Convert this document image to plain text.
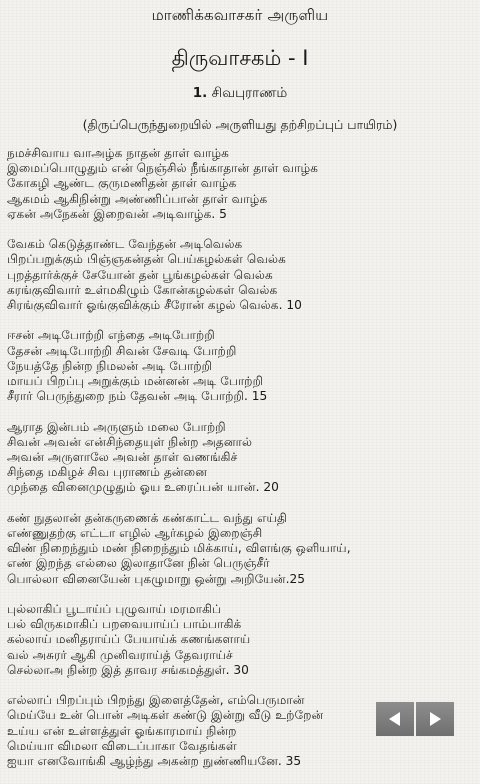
மாணிக்கவாசகர் அருளிய
திருவாசகம் - I
1. சிவபுராணம்
(திருப்பெருந்துறையில் அருளியது தற்சிறப்புப் பாயிரம்)
நமச்சிவாய வாஅழ்க நாதன் தாள் வாழ்க
இமைப்பொழுதும் என் நெஞ்சில் நீங்காதான் தாள் வாழ்க
கோகழி ஆண்ட குருமணிதன் தாள் வாழ்க
ஆகமம் ஆகிநின்று அண்ணிப்பான் தாள் வாழ்க
ஏகன் அநேகன் இறைவன் அடிவாழ்க. 5
வேகம் கெடுத்தாண்ட வேந்தன் அடிவெல்க
பிறப்பறுக்கும் பிஞ்ஞகன்தன் பெய்கழல்கள் வெல்க
புறத்தார்க்குச் சேயோன் தன் பூங்கழல்கள் வெல்க
கரங்குவிவார் உள்மகிழும் கோன்கழல்கள் வெல்க
சிரங்குவிவார் ஓங்குவிக்கும் சீரோன் கழல் வெல்க. 10
ஈசன் அடிபோற்றி எந்தை அடிபோற்றி
தேசன் அடிபோற்றி சிவன் சேவடி போற்றி
நேயத்தே நின்ற நிமலன் அடி போற்றி
மாயப் பிறப்பு அறுக்கும் மன்னன் அடி போற்றி
சீரார் பெருந்துறை நம் தேவன் அடி போற்றி. 15
ஆராத இன்பம் அருளும் மலை போற்றி
சிவன் அவன் என்சிந்தையுள் நின்ற அதனால்
அவன் அருளாலே அவன் தாள் வணங்கிச்
சிந்தை மகிழச் சிவ புராணம் தன்னை
முந்தை வினைமுழுதும் ஓய உரைப்பன் யான். 20
கண் நுதலான் தன்கருணைக் கண்காட்ட வந்து எய்தி
எண்ணுதற்கு எட்டா எழில் ஆர்கழல் இறைஞ்சி
விண் நிறைந்தும் மண் நிறைந்தும் மிக்காய், விளங்கு ஒளியாய்,
எண் இறந்த எல்லை இலாதானே நின் பெருஞ்சீர்
பொல்லா வினையேன் புகழுமாறு ஒன்று அறியேன்.25
புல்லாகிப் பூடாய்ப் புழுவாய் மரமாகிப்
பல் விருகமாகிப் பறவையாய்ப் பாம்பாகிக்
கல்லாய் மனிதராய்ப் பேயாய்க் கணங்களாய்
வல் அசுரர் ஆகி முனிவராய்த் தேவராய்ச்
செல்லாஅ நின்ற இத் தாவர சங்கமத்துள். 30
எல்லாப் பிறப்பும் பிறந்து இளைத்தேன், எம்பெருமான்
மெய்யே உன் பொன் அடிகள் கண்டு இன்று வீடு உற்றேன்
உய்ய என் உள்ளத்துள் ஓங்காரமாய் நின்ற
மெய்யா விமலா விடைப்பாகா வேதங்கள்
ஐயா எனவோங்கி ஆழ்ந்து அகன்ற நுண்ணியனே. 35
